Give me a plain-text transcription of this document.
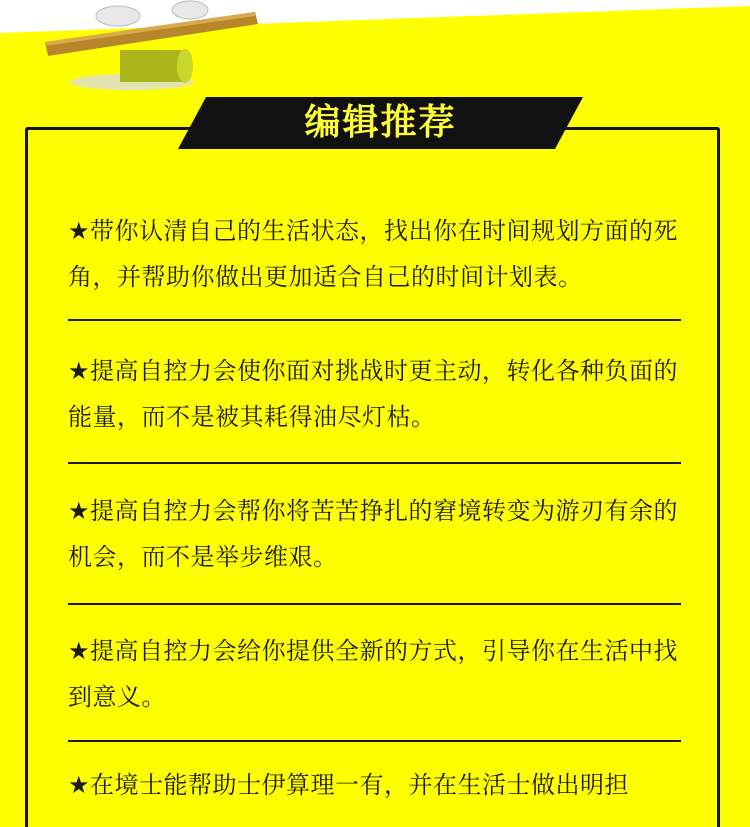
编辑推荐
★带你认清自己的生活状态，找出你在时间规划方面的死角，并帮助你做出更加适合自己的时间计划表。
★提高自控力会使你面对挑战时更主动，转化各种负面的能量，而不是被其耗得油尽灯枯。
★提高自控力会帮你将苦苦挣扎的窘境转变为游刃有余的机会，而不是举步维艰。
★提高自控力会给你提供全新的方式，引导你在生活中找到意义。
★在境士能帮助士伊算理一有，并在生活士做出明担
